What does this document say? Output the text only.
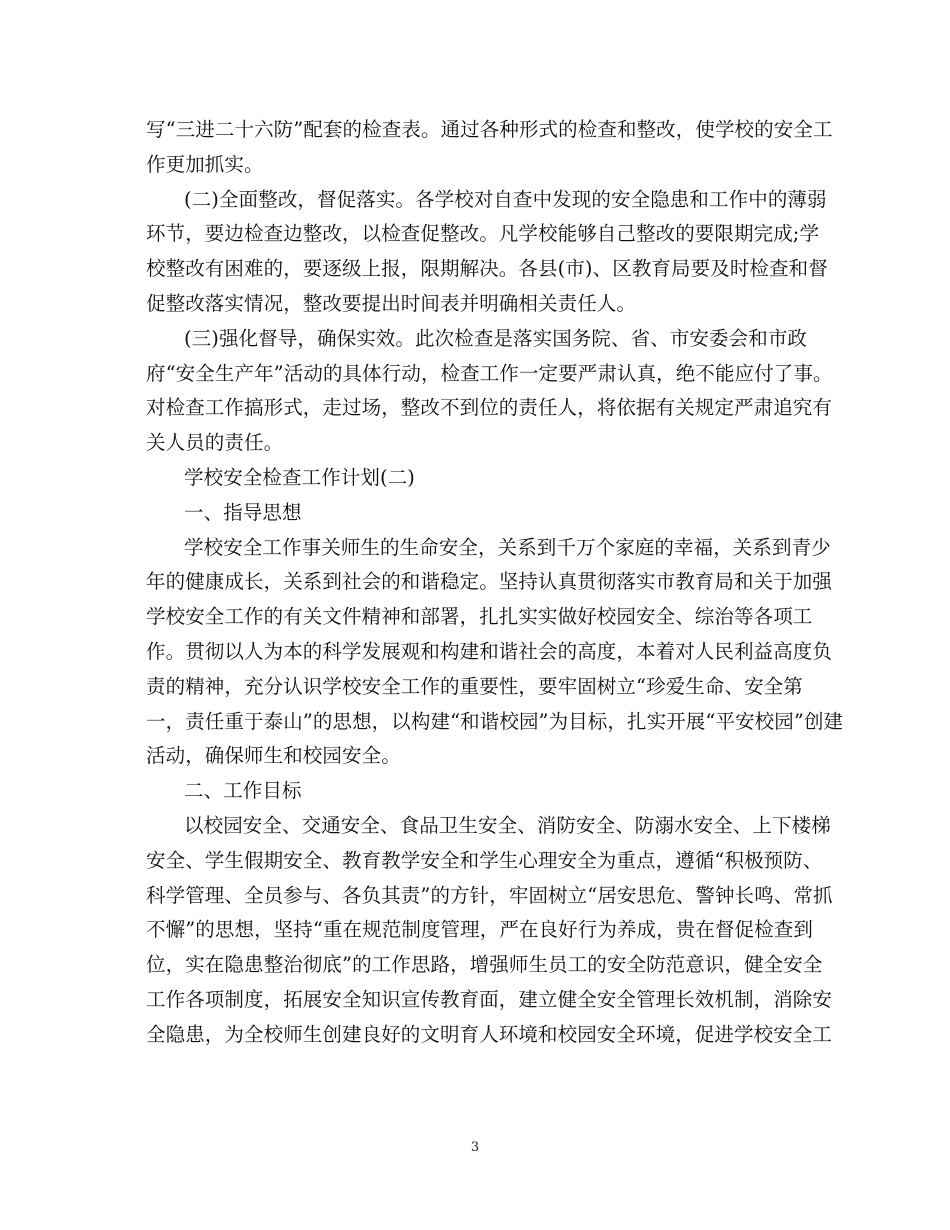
写“三进二十六防”配套的检查表。通过各种形式的检查和整改，使学校的安全工
作更加抓实。
(二)全面整改，督促落实。各学校对自查中发现的安全隐患和工作中的薄弱
环节，要边检查边整改，以检查促整改。凡学校能够自己整改的要限期完成;学
校整改有困难的，要逐级上报，限期解决。各县(市)、区教育局要及时检查和督
促整改落实情况，整改要提出时间表并明确相关责任人。
(三)强化督导，确保实效。此次检查是落实国务院、省、市安委会和市政
府“安全生产年”活动的具体行动，检查工作一定要严肃认真，绝不能应付了事。
对检查工作搞形式，走过场，整改不到位的责任人，将依据有关规定严肃追究有
关人员的责任。
学校安全检查工作计划(二)
一、指导思想
学校安全工作事关师生的生命安全，关系到千万个家庭的幸福，关系到青少
年的健康成长，关系到社会的和谐稳定。坚持认真贯彻落实市教育局和关于加强
学校安全工作的有关文件精神和部署，扎扎实实做好校园安全、综治等各项工
作。贯彻以人为本的科学发展观和构建和谐社会的高度，本着对人民利益高度负
责的精神，充分认识学校安全工作的重要性，要牢固树立“珍爱生命、安全第
一，责任重于泰山”的思想，以构建“和谐校园”为目标，扎实开展“平安校园”创建
活动，确保师生和校园安全。
二、工作目标
以校园安全、交通安全、食品卫生安全、消防安全、防溺水安全、上下楼梯
安全、学生假期安全、教育教学安全和学生心理安全为重点，遵循“积极预防、
科学管理、全员参与、各负其责”的方针，牢固树立“居安思危、警钟长鸣、常抓
不懈”的思想，坚持“重在规范制度管理，严在良好行为养成，贵在督促检查到
位，实在隐患整治彻底”的工作思路，增强师生员工的安全防范意识，健全安全
工作各项制度，拓展安全知识宣传教育面，建立健全安全管理长效机制，消除安
全隐患，为全校师生创建良好的文明育人环境和校园安全环境，促进学校安全工
3
